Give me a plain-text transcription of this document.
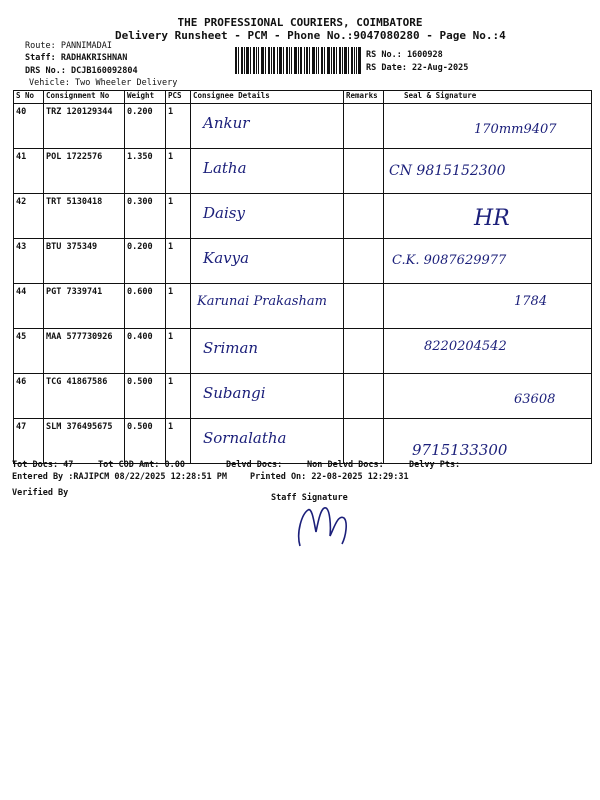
THE PROFESSIONAL COURIERS, COIMBATORE
Delivery Runsheet - PCM - Phone No.:9047080280 - Page No.:4
Route: PANNIMADAI
Staff: RADHAKRISHNAN
DRS No.: DCJB160092804
Vehicle: Two Wheeler Delivery
RS No.: 1600928
RS Date: 22-Aug-2025
S No	Consignment No	Weight	PCS	Consignee Details	Remarks	Seal & Signature

40	TRZ 120129344	0.200	1	Ankur		170mm9407

41	POL 1722576	1.350	1	Latha		CN 9815152300

42	TRT 5130418	0.300	1	Daisy		HR

43	BTU 375349	0.200	1	Kavya		C.K. 9087629977

44	PGT 7339741	0.600	1	Karunai Prakasham		1784

45	MAA 577730926	0.400	1	Sriman		8220204542

46	TCG 41867586	0.500	1	Subangi		63608

47	SLM 376495675	0.500	1	Sornalatha		9715133300
Tot Docs: 47	Tot COD Amt: 0.00	Delvd Docs:	Non Delvd Docs:	Delvy Pts:
Entered By :RAJIPCM 08/22/2025 12:28:51 PM	Printed On: 22-08-2025 12:29:31
Verified By	Staff Signature
